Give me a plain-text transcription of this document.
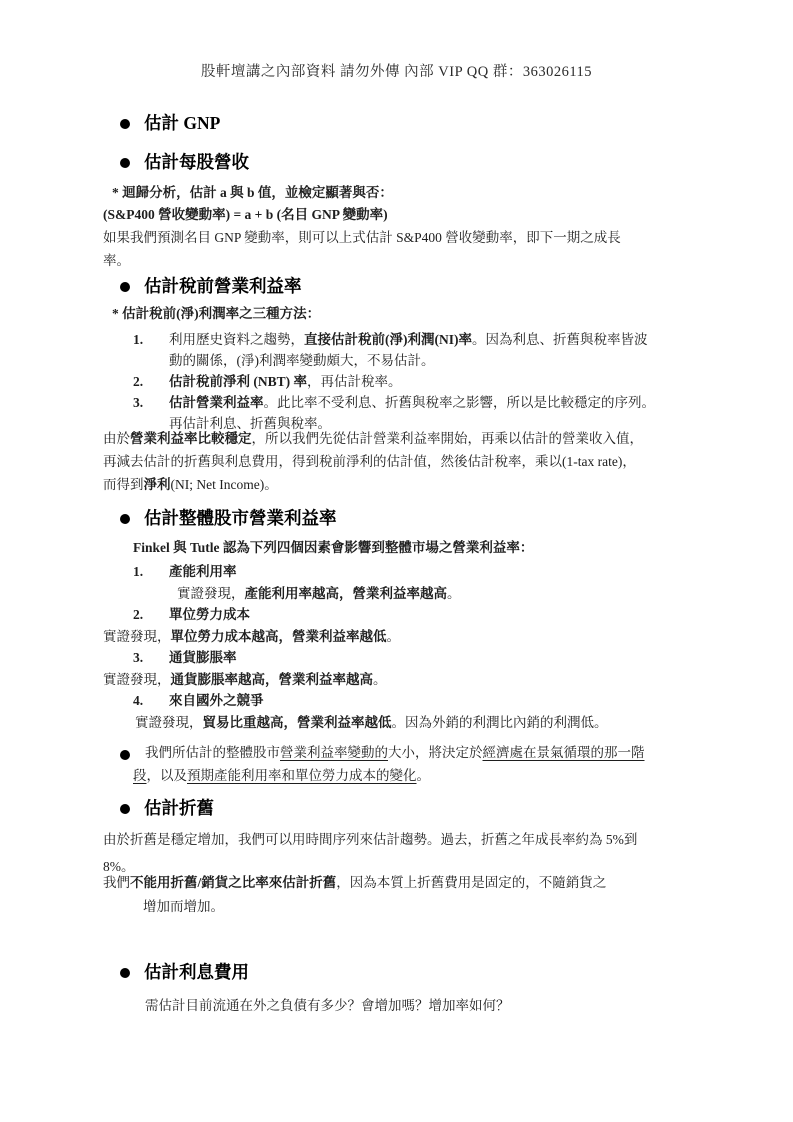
股軒壇講之內部資料 請勿外傳 內部 VIP QQ 群：363026115
估計 GNP
估計每股營收
* 迴歸分析，估計 a 與 b 值，並檢定顯著與否：
(S&P400 營收變動率) = a + b (名目 GNP 變動率)
如果我們預測名目 GNP 變動率，則可以上式估計 S&P400 營收變動率，即下一期之成長
率。
估計稅前營業利益率
* 估計稅前(淨)利潤率之三種方法：
1.	利用歷史資料之趨勢，直接估計稅前(淨)利潤(NI)率。因為利息、折舊與稅率皆波
動的關係，(淨)利潤率變動頗大，不易估計。
2.	估計稅前淨利 (NBT) 率，再估計稅率。
3.	估計營業利益率。此比率不受利息、折舊與稅率之影響，所以是比較穩定的序列。
再估計利息、折舊與稅率。
由於營業利益率比較穩定，所以我們先從估計營業利益率開始，再乘以估計的營業收入值，
再減去估計的折舊與利息費用，得到稅前淨利的估計值，然後估計稅率，乘以(1-tax rate)，
而得到淨利(NI; Net Income)。
估計整體股市營業利益率
Finkel 與 Tutle 認為下列四個因素會影響到整體市場之營業利益率：
1.	產能利用率
實證發現，產能利用率越高，營業利益率越高。
2.	單位勞力成本
實證發現，單位勞力成本越高，營業利益率越低。
3.	通貨膨脹率
實證發現，通貨膨脹率越高，營業利益率越高。
4.	來自國外之競爭
實證發現，貿易比重越高，營業利益率越低。因為外銷的利潤比內銷的利潤低。
我們所估計的整體股市營業利益率變動的大小，將決定於經濟處在景氣循環的那一階
段，以及預期產能利用率和單位勞力成本的變化。
估計折舊
由於折舊是穩定增加，我們可以用時間序列來估計趨勢。過去，折舊之年成長率約為 5%到
8%。
我們不能用折舊/銷貨之比率來估計折舊，因為本質上折舊費用是固定的，不隨銷貨之
增加而增加。
估計利息費用
需估計目前流通在外之負債有多少？會增加嗎？增加率如何？
